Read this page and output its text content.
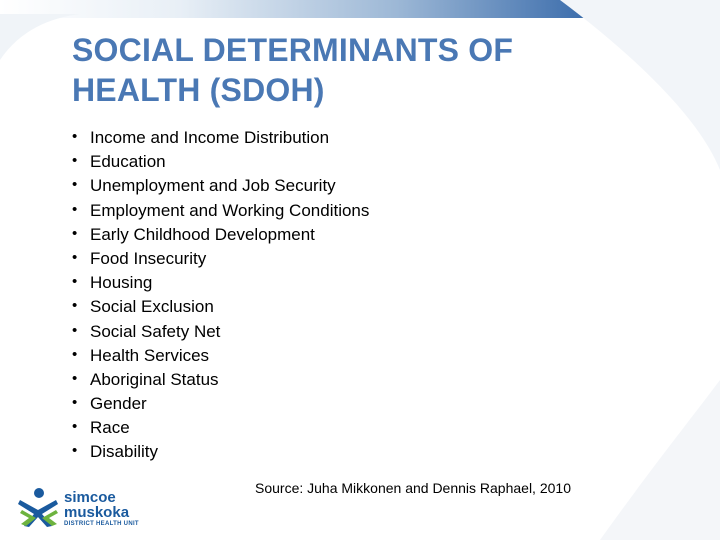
SOCIAL DETERMINANTS OF
HEALTH (SDOH)
• Income and Income Distribution
• Education
• Unemployment and Job Security
• Employment and Working Conditions
• Early Childhood Development
• Food Insecurity
• Housing
• Social Exclusion
• Social Safety Net
• Health Services
• Aboriginal Status
• Gender
• Race
• Disability
Source: Juha Mikkonen and Dennis Raphael, 2010
simcoe
muskoka
DISTRICT HEALTH UNIT
